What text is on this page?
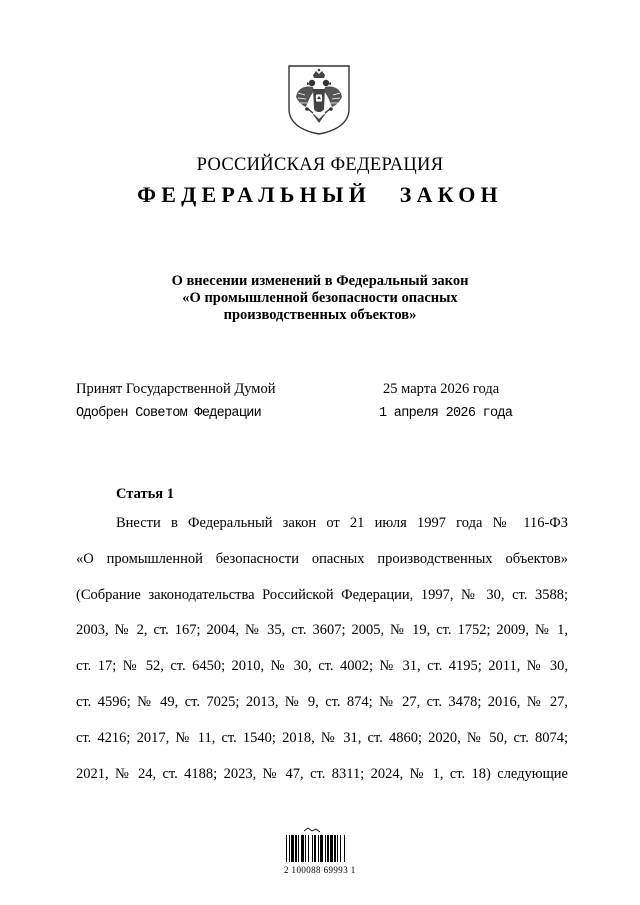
РОССИЙСКАЯ ФЕДЕРАЦИЯ
ФЕДЕРАЛЬНЫЙ ЗАКОН
О внесении изменений в Федеральный закон
«О промышленной безопасности опасных
производственных объектов»
Принят Государственной Думой	25 марта 2026 года
Одобрен Советом Федерации	1 апреля 2026 года
Статья 1
Внести в Федеральный закон от 21 июля 1997 года № 116-ФЗ
«О промышленной безопасности опасных производственных объектов»
(Собрание законодательства Российской Федерации, 1997, № 30, ст. 3588;
2003, № 2, ст. 167; 2004, № 35, ст. 3607; 2005, № 19, ст. 1752; 2009, № 1,
ст. 17; № 52, ст. 6450; 2010, № 30, ст. 4002; № 31, ст. 4195; 2011, № 30,
ст. 4596; № 49, ст. 7025; 2013, № 9, ст. 874; № 27, ст. 3478; 2016, № 27,
ст. 4216; 2017, № 11, ст. 1540; 2018, № 31, ст. 4860; 2020, № 50, ст. 8074;
2021, № 24, ст. 4188; 2023, № 47, ст. 8311; 2024, № 1, ст. 18) следующие
2 100088 69993 1
